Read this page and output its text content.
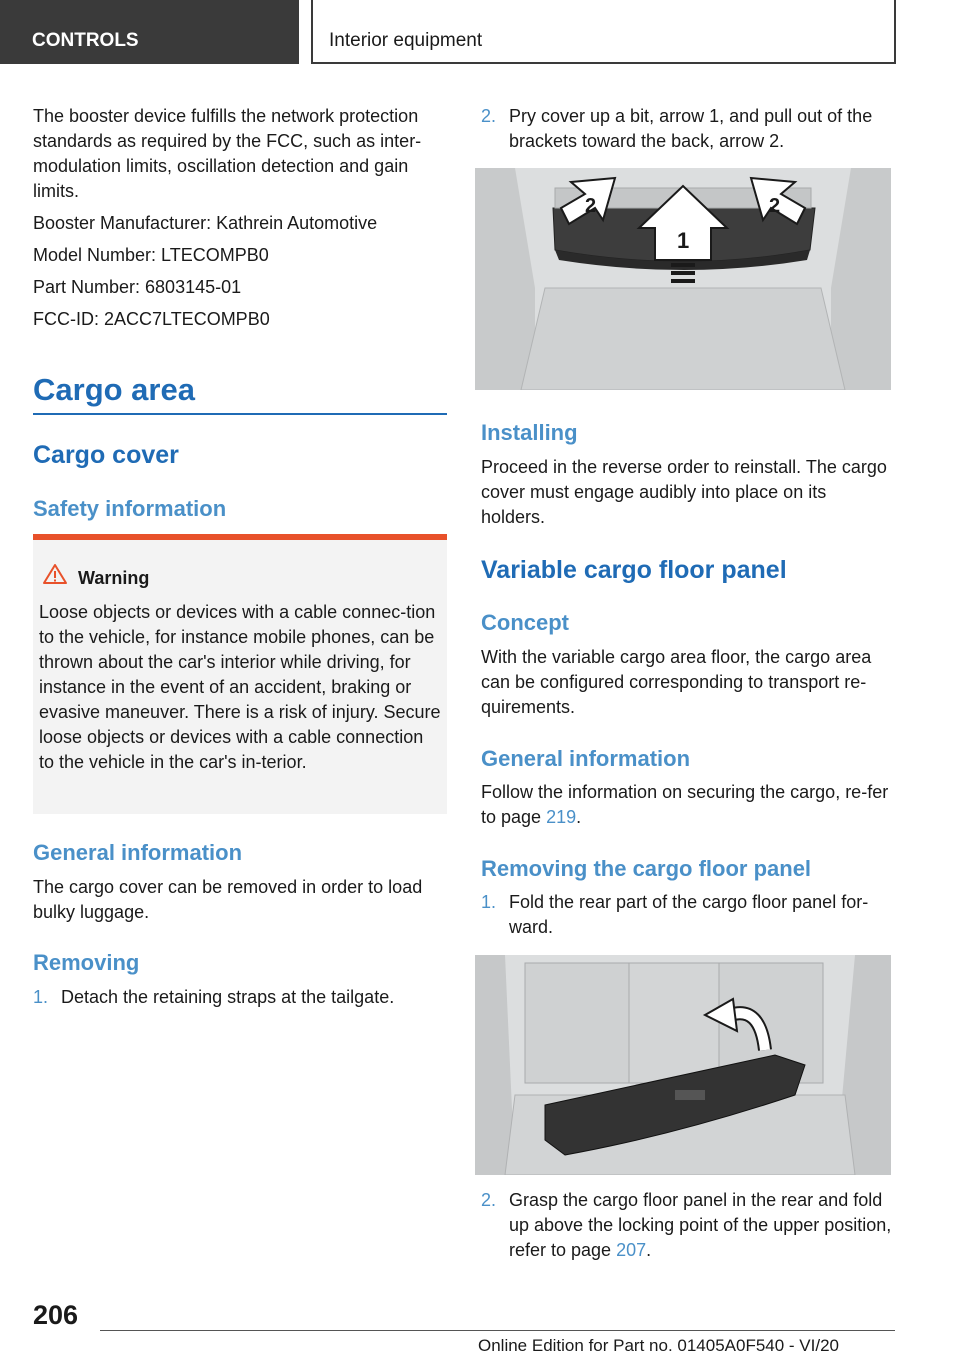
CONTROLS	Interior equipment

The booster device fulfills the network protection standards as required by the FCC, such as inter-modulation limits, oscillation detection and gain limits.

Booster Manufacturer: Kathrein Automotive

Model Number: LTECOMPB0

Part Number: 6803145-01

FCC-ID: 2ACC7LTECOMPB0

Cargo area
Cargo cover
Safety information
Warning

Loose objects or devices with a cable connec-tion to the vehicle, for instance mobile phones, can be thrown about the car's interior while driving, for instance in the event of an accident, braking or evasive maneuver. There is a risk of injury. Secure loose objects or devices with a cable connection to the vehicle in the car's in-terior.

General information

The cargo cover can be removed in order to load bulky luggage.

Removing
1. Detach the retaining straps at the tailgate.
2. Pry cover up a bit, arrow 1, and pull out of the brackets toward the back, arrow 2.
2
1
2
Installing

Proceed in the reverse order to reinstall. The cargo cover must engage audibly into place on its holders.

Variable cargo floor panel
Concept

With the variable cargo area floor, the cargo area can be configured corresponding to transport re-quirements.

General information

Follow the information on securing the cargo, re-fer to page 219.

Removing the cargo floor panel
1. Fold the rear part of the cargo floor panel for-ward.
2. Grasp the cargo floor panel in the rear and fold up above the locking point of the upper position, refer to page 207.
206
Online Edition for Part no. 01405A0F540 - VI/20
